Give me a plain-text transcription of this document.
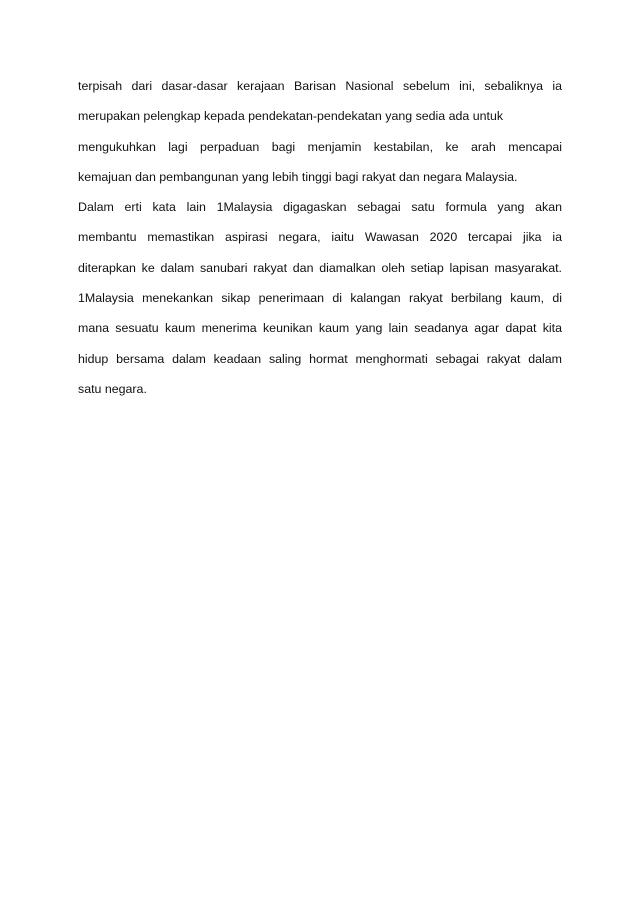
terpisah dari dasar-dasar kerajaan Barisan Nasional sebelum ini, sebaliknya ia
merupakan pelengkap kepada pendekatan-pendekatan yang sedia ada untuk
mengukuhkan lagi perpaduan bagi menjamin kestabilan, ke arah mencapai
kemajuan dan pembangunan yang lebih tinggi bagi rakyat dan negara Malaysia.
Dalam erti kata lain 1Malaysia digagaskan sebagai satu formula yang akan
membantu memastikan aspirasi negara, iaitu Wawasan 2020 tercapai jika ia
diterapkan ke dalam sanubari rakyat dan diamalkan oleh setiap lapisan masyarakat.
1Malaysia menekankan sikap penerimaan di kalangan rakyat berbilang kaum, di
mana sesuatu kaum menerima keunikan kaum yang lain seadanya agar dapat kita
hidup bersama dalam keadaan saling hormat menghormati sebagai rakyat dalam
satu negara.
